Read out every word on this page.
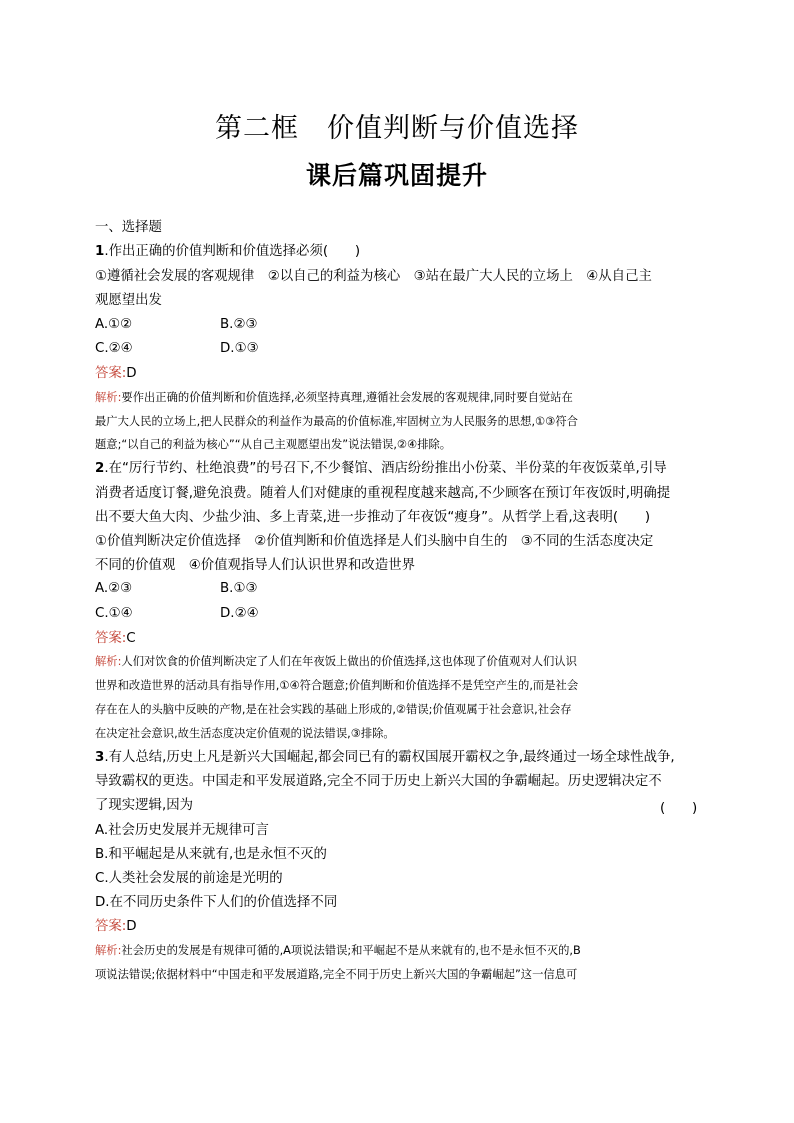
第二框　价值判断与价值选择
课后篇巩固提升
一、选择题
1.作出正确的价值判断和价值选择必须(　　)
①遵循社会发展的客观规律　②以自己的利益为核心　③站在最广大人民的立场上　④从自己主
观愿望出发
A.①②	B.②③
C.②④	D.①③
答案:D
解析:要作出正确的价值判断和价值选择,必须坚持真理,遵循社会发展的客观规律,同时要自觉站在
最广大人民的立场上,把人民群众的利益作为最高的价值标准,牢固树立为人民服务的思想,①③符合
题意;“以自己的利益为核心”“从自己主观愿望出发”说法错误,②④排除。
2.在“厉行节约、杜绝浪费”的号召下,不少餐馆、酒店纷纷推出小份菜、半份菜的年夜饭菜单,引导
消费者适度订餐,避免浪费。随着人们对健康的重视程度越来越高,不少顾客在预订年夜饭时,明确提
出不要大鱼大肉、少盐少油、多上青菜,进一步推动了年夜饭“瘦身”。从哲学上看,这表明(　　)
①价值判断决定价值选择　②价值判断和价值选择是人们头脑中自生的　③不同的生活态度决定
不同的价值观　④价值观指导人们认识世界和改造世界
A.②③	B.①③
C.①④	D.②④
答案:C
解析:人们对饮食的价值判断决定了人们在年夜饭上做出的价值选择,这也体现了价值观对人们认识
世界和改造世界的活动具有指导作用,①④符合题意;价值判断和价值选择不是凭空产生的,而是社会
存在在人的头脑中反映的产物,是在社会实践的基础上形成的,②错误;价值观属于社会意识,社会存
在决定社会意识,故生活态度决定价值观的说法错误,③排除。
3.有人总结,历史上凡是新兴大国崛起,都会同已有的霸权国展开霸权之争,最终通过一场全球性战争,
导致霸权的更迭。中国走和平发展道路,完全不同于历史上新兴大国的争霸崛起。历史逻辑决定不
了现实逻辑,因为	(　　)
A.社会历史发展并无规律可言
B.和平崛起是从来就有,也是永恒不灭的
C.人类社会发展的前途是光明的
D.在不同历史条件下人们的价值选择不同
答案:D
解析:社会历史的发展是有规律可循的,A项说法错误;和平崛起不是从来就有的,也不是永恒不灭的,B
项说法错误;依据材料中“中国走和平发展道路,完全不同于历史上新兴大国的争霸崛起”这一信息可
